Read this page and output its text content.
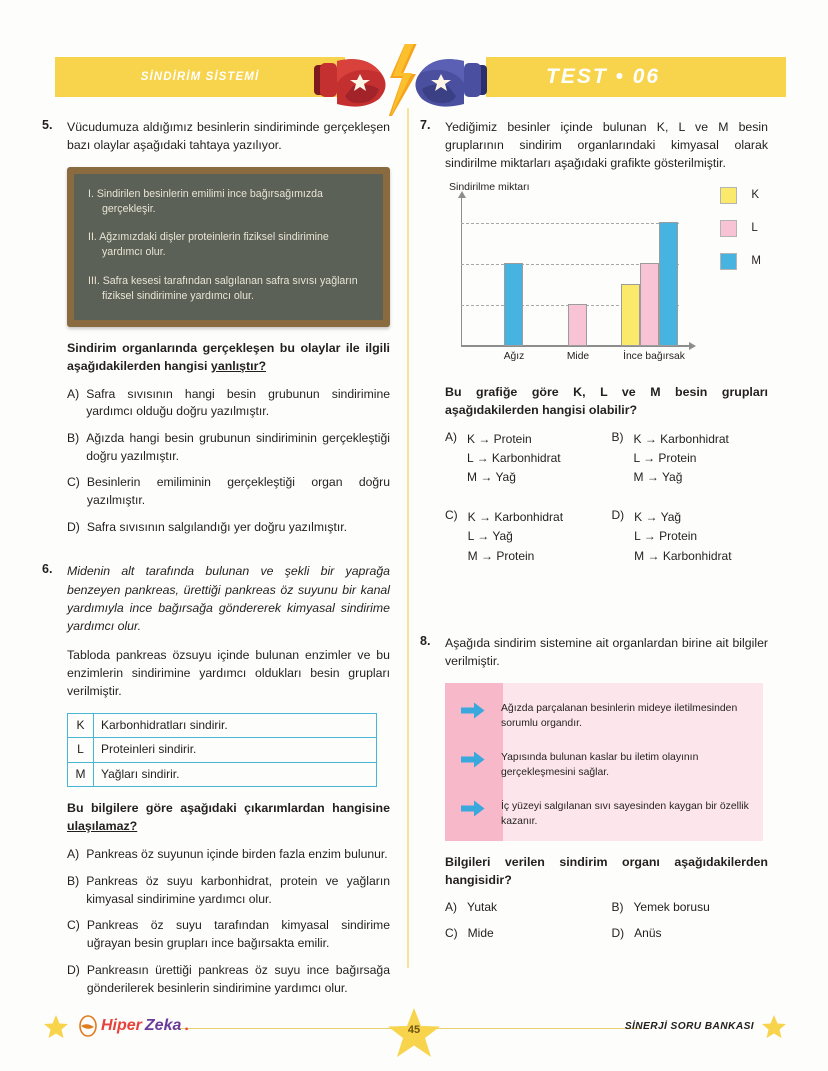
SİNDİRİM SİSTEMİ	TEST • 06
5.	Vücudumuza aldığımız besinlerin sindiriminde gerçekleşen bazı olaylar aşağıdaki tahtaya yazılıyor.
I. Sindirilen besinlerin emilimi ince bağırsağımızda gerçekleşir.
II. Ağzımızdaki dişler proteinlerin fiziksel sindirimine yardımcı olur.
III. Safra kesesi tarafından salgılanan safra sıvısı yağların fiziksel sindirimine yardımcı olur.
Sindirim organlarında gerçekleşen bu olaylar ile ilgili aşağıdakilerden hangisi yanlıştır?
A) Safra sıvısının hangi besin grubunun sindirimine yardımcı olduğu doğru yazılmıştır.
B) Ağızda hangi besin grubunun sindiriminin gerçekleştiği doğru yazılmıştır.
C) Besinlerin emiliminin gerçekleştiği organ doğru yazılmıştır.
D) Safra sıvısının salgılandığı yer doğru yazılmıştır.
6.	Midenin alt tarafında bulunan ve şekli bir yaprağa benzeyen pankreas, ürettiği pankreas öz suyunu bir kanal yardımıyla ince bağırsağa göndererek kimyasal sindirime yardımcı olur.
Tabloda pankreas özsuyu içinde bulunan enzimler ve bu enzimlerin sindirimine yardımcı oldukları besin grupları verilmiştir.
K	Karbonhidratları sindirir.
L	Proteinleri sindirir.
M	Yağları sindirir.
Bu bilgilere göre aşağıdaki çıkarımlardan hangisine ulaşılamaz?
A) Pankreas öz suyunun içinde birden fazla enzim bulunur.
B) Pankreas öz suyu karbonhidrat, protein ve yağların kimyasal sindirimine yardımcı olur.
C) Pankreas öz suyu tarafından kimyasal sindirime uğrayan besin grupları ince bağırsakta emilir.
D) Pankreasın ürettiği pankreas öz suyu ince bağırsağa gönderilerek besinlerin sindirimine yardımcı olur.
7.	Yediğimiz besinler içinde bulunan K, L ve M besin gruplarının sindirim organlarındaki kimyasal olarak sindirilme miktarları aşağıdaki grafikte gösterilmiştir.
Sindirilme miktarı
Ağız	Mide	İnce bağırsak
K
L
M
Bu grafiğe göre K, L ve M besin grupları aşağıdakilerden hangisi olabilir?
A) K → Protein
L → Karbonhidrat
M → Yağ
B) K → Karbonhidrat
L → Protein
M → Yağ
C) K → Karbonhidrat
L → Yağ
M → Protein
D) K → Yağ
L → Protein
M → Karbonhidrat
8.	Aşağıda sindirim sistemine ait organlardan birine ait bilgiler verilmiştir.
Ağızda parçalanan besinlerin mideye iletilmesinden sorumlu organdır.
Yapısında bulunan kaslar bu iletim olayının gerçekleşmesini sağlar.
İç yüzeyi salgılanan sıvı sayesinden kaygan bir özellik kazanır.
Bilgileri verilen sindirim organı aşağıdakilerden hangisidir?
A) Yutak	B) Yemek borusu
C) Mide	D) Anüs
Hiper Zeka .	45	SİNERJİ SORU BANKASI
